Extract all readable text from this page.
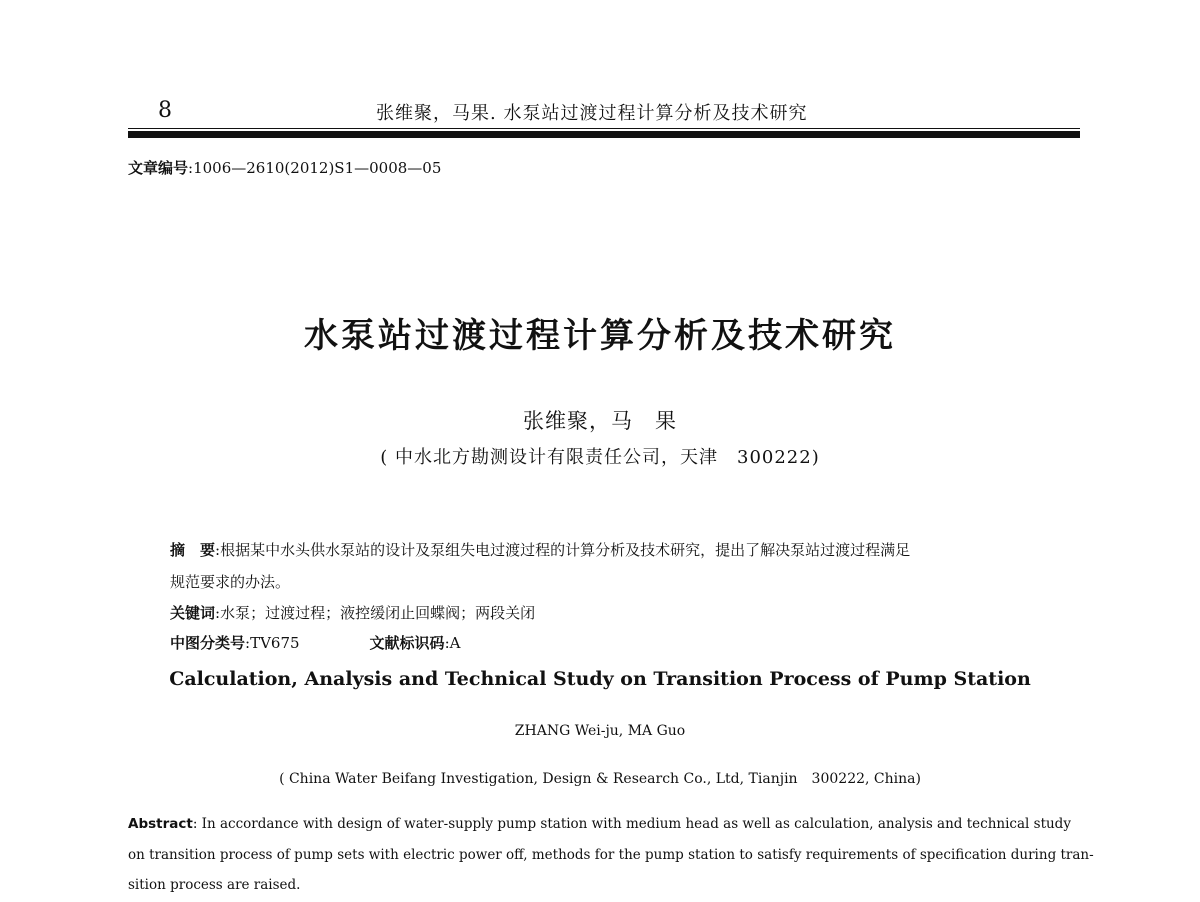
8	张维聚，马果. 水泵站过渡过程计算分析及技术研究
文章编号:1006—2610(2012)S1—0008—05
水泵站过渡过程计算分析及技术研究
张维聚，马　果
( 中水北方勘测设计有限责任公司，天津　300222)
摘　要:根据某中水头供水泵站的设计及泵组失电过渡过程的计算分析及技术研究，提出了解决泵站过渡过程满足
规范要求的办法。
关键词:水泵；过渡过程；液控缓闭止回蝶阀；两段关闭
中图分类号:TV675	文献标识码:A
Calculation, Analysis and Technical Study on Transition Process of Pump Station
ZHANG Wei-ju, MA Guo
( China Water Beifang Investigation, Design & Research Co., Ltd, Tianjin　300222, China)
Abstract: In accordance with design of water-supply pump station with medium head as well as calculation, analysis and technical study
on transition process of pump sets with electric power off, methods for the pump station to satisfy requirements of specification during tran-
sition process are raised.
